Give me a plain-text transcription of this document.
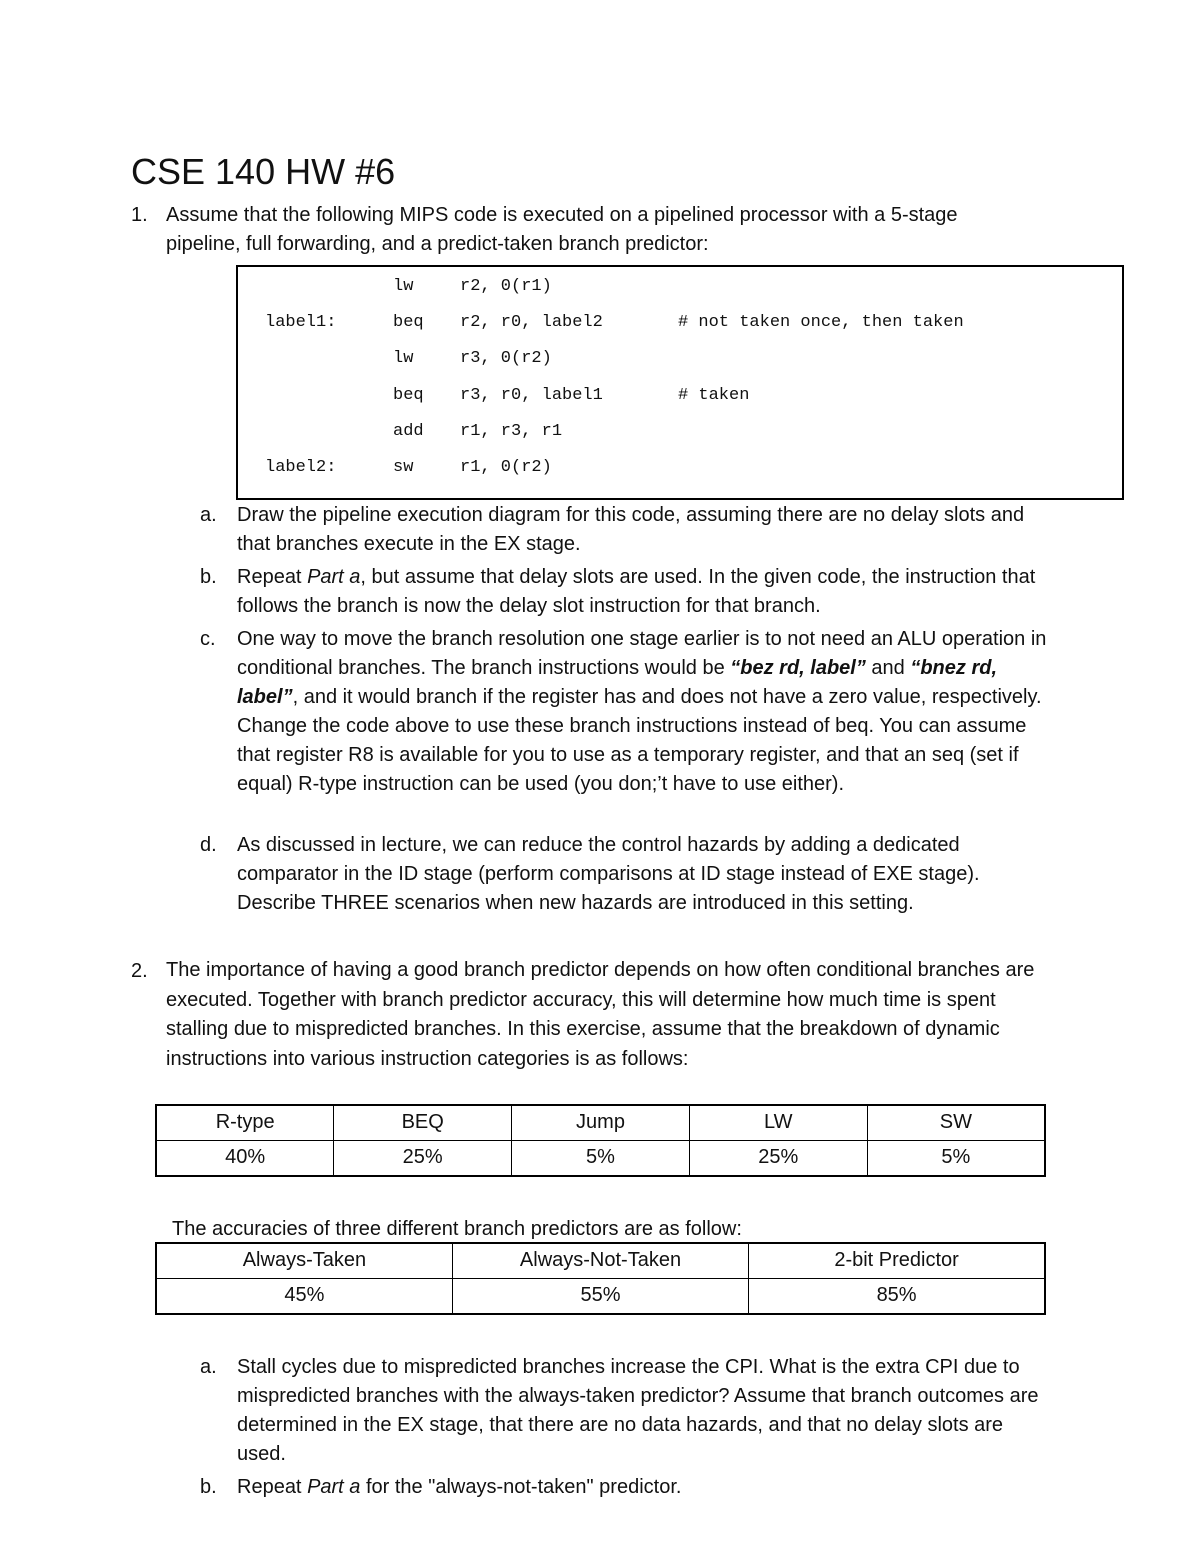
CSE 140 HW #6
1. Assume that the following MIPS code is executed on a pipelined processor with a 5-stage
pipeline, full forwarding, and a predict-taken branch predictor:
lw	r2, 0(r1)
label1:	beq r2, r0, label2	# not taken once, then taken
lw	r3, 0(r2)
beq r3, r0, label1	# taken
add r1, r3, r1
label2:	sw	r1, 0(r2)
a. Draw the pipeline execution diagram for this code, assuming there are no delay slots and that branches execute in the EX stage.
b. Repeat Part a, but assume that delay slots are used. In the given code, the instruction that follows the branch is now the delay slot instruction for that branch.
c. One way to move the branch resolution one stage earlier is to not need an ALU operation in conditional branches. The branch instructions would be “bez rd, label” and “bnez rd, label”, and it would branch if the register has and does not have a zero value, respectively. Change the code above to use these branch instructions instead of beq. You can assume that register R8 is available for you to use as a temporary register, and that an seq (set if equal) R-type instruction can be used (you don;’t have to use either).
d. As discussed in lecture, we can reduce the control hazards by adding a dedicated comparator in the ID stage (perform comparisons at ID stage instead of EXE stage). Describe THREE scenarios when new hazards are introduced in this setting.
2. The importance of having a good branch predictor depends on how often conditional branches are executed. Together with branch predictor accuracy, this will determine how much time is spent stalling due to mispredicted branches. In this exercise, assume that the breakdown of dynamic instructions into various instruction categories is as follows:
R-type	BEQ	Jump	LW	SW
40%	25%	5%	25%	5%
The accuracies of three different branch predictors are as follow:
Always-Taken	Always-Not-Taken	2-bit Predictor
45%	55%	85%
a. Stall cycles due to mispredicted branches increase the CPI. What is the extra CPI due to mispredicted branches with the always-taken predictor? Assume that branch outcomes are determined in the EX stage, that there are no data hazards, and that no delay slots are used.
b. Repeat Part a for the "always-not-taken" predictor.
